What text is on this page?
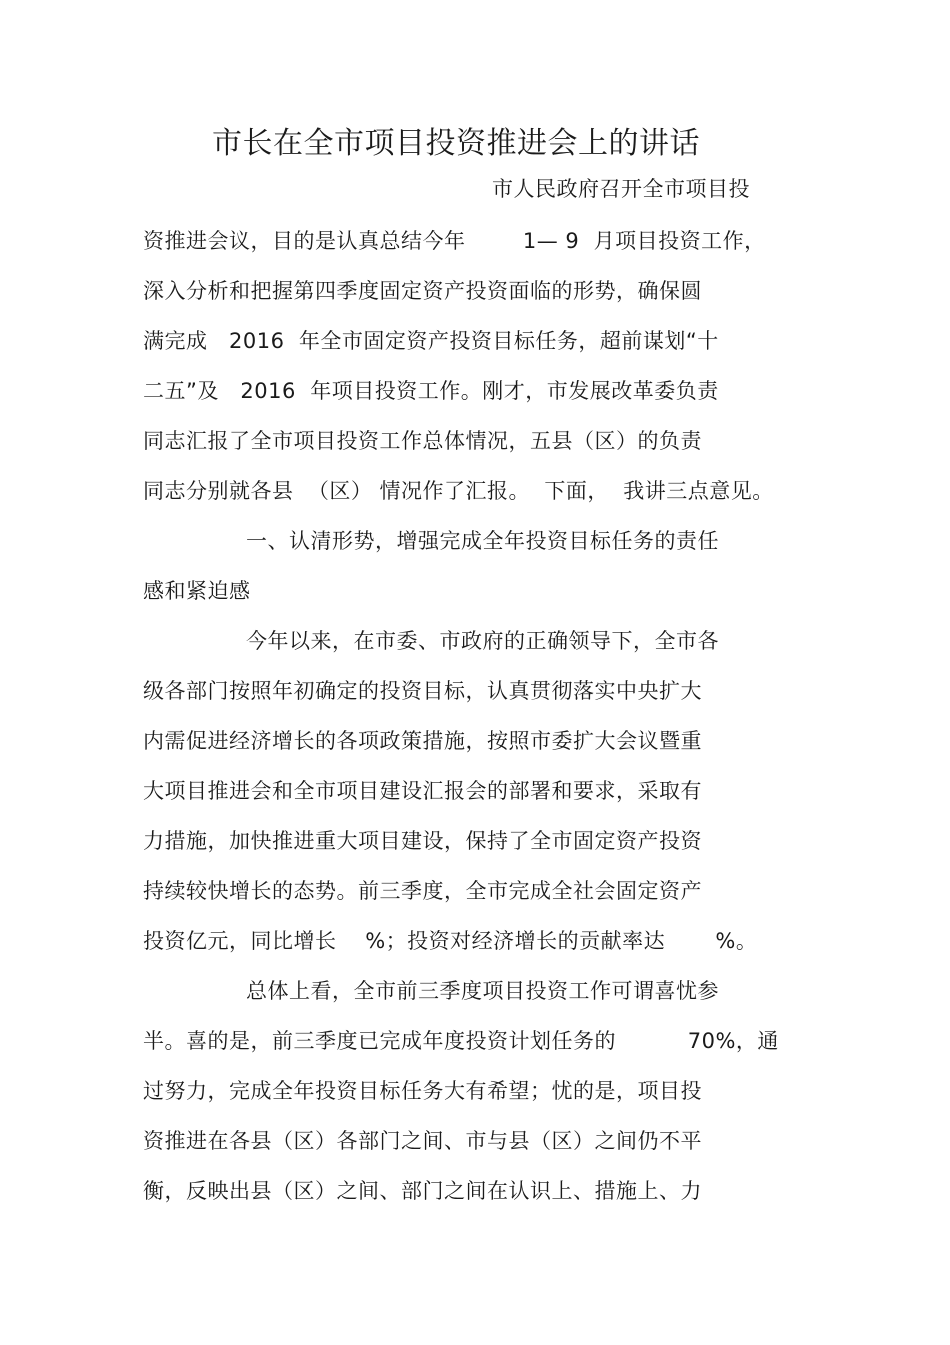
市长在全市项目投资推进会上的讲话
市人民政府召开全市项目投
资推进会议，目的是认真总结今年        1— 9  月项目投资工作，
深入分析和把握第四季度固定资产投资面临的形势，确保圆
满完成   2016  年全市固定资产投资目标任务，超前谋划“十
二五”及   2016  年项目投资工作。刚才，市发展改革委负责
同志汇报了全市项目投资工作总体情况，五县（区）的负责
同志分别就各县  （区） 情况作了汇报。  下面，  我讲三点意见。
一、认清形势，增强完成全年投资目标任务的责任
感和紧迫感
今年以来，在市委、市政府的正确领导下，全市各
级各部门按照年初确定的投资目标，认真贯彻落实中央扩大
内需促进经济增长的各项政策措施，按照市委扩大会议暨重
大项目推进会和全市项目建设汇报会的部署和要求，采取有
力措施，加快推进重大项目建设，保持了全市固定资产投资
持续较快增长的态势。前三季度，全市完成全社会固定资产
投资亿元，同比增长    %；投资对经济增长的贡献率达       %。
总体上看，全市前三季度项目投资工作可谓喜忧参
半。喜的是，前三季度已完成年度投资计划任务的          70%，通
过努力，完成全年投资目标任务大有希望；忧的是，项目投
资推进在各县（区）各部门之间、市与县（区）之间仍不平
衡，反映出县（区）之间、部门之间在认识上、措施上、力
